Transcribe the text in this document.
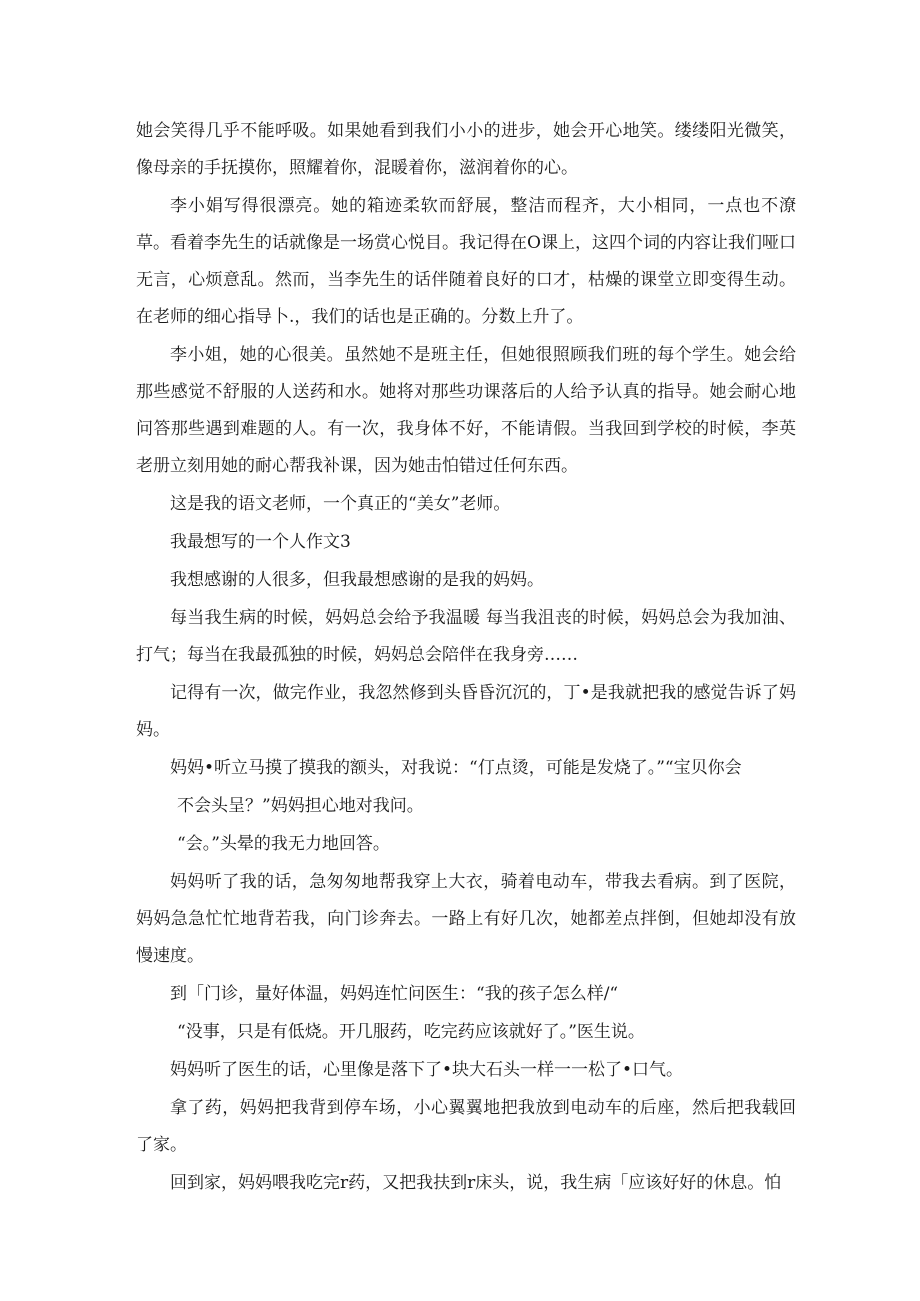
她会笑得几乎不能呼吸。如果她看到我们小小的进步，她会开心地笑。缕缕阳光微笑，像母亲的手抚摸你，照耀着你，混暖着你，滋润着你的心。

李小娟写得很漂亮。她的箱迹柔软而舒展，整洁而程齐，大小相同，一点也不潦草。看着李先生的话就像是一场赏心悦目。我记得在O课上，这四个词的内容让我们哑口无言，心烦意乱。然而，当李先生的话伴随着良好的口才，枯燥的课堂立即变得生动。在老师的细心指导卜.，我们的话也是正确的。分数上升了。

李小姐，她的心很美。虽然她不是班主任，但她很照顾我们班的每个学生。她会给那些感觉不舒服的人送药和水。她将对那些功课落后的人给予认真的指导。她会耐心地问答那些遇到难题的人。有一次，我身体不好，不能请假。当我回到学校的时候，李英老册立刻用她的耐心帮我补课，因为她击怕错过任何东西。

这是我的语文老师，一个真正的“美女”老师。

我最想写的一个人作文3

我想感谢的人很多，但我最想感谢的是我的妈妈。

每当我生病的时候，妈妈总会给予我温暖 每当我沮丧的时候，妈妈总会为我加油、打气；每当在我最孤独的时候，妈妈总会陪伴在我身旁……

记得有一次，做完作业，我忽然修到头昏昏沉沉的，丁•是我就把我的感觉告诉了妈妈。

妈妈•听立马摸了摸我的额头，对我说：“仃点烫，可能是发烧了。”“宝贝你会

不会头呈？”妈妈担心地对我问。

“会。”头晕的我无力地回答。

妈妈听了我的话，急匆匆地帮我穿上大衣，骑着电动车，带我去看病。到了医院，妈妈急急忙忙地背若我，向门诊奔去。一路上有好几次，她都差点拌倒，但她却没有放慢速度。

到「门诊，量好体温，妈妈连忙问医生：“我的孩子怎么样/“

“没事，只是有低烧。开几服药，吃完药应该就好了。”医生说。

妈妈听了医生的话，心里像是落下了•块大石头一样一一松了•口气。

拿了药，妈妈把我背到停车场，小心翼翼地把我放到电动车的后座，然后把我载回了家。

回到家，妈妈喂我吃完r药，又把我扶到r床头，说，我生病「应该好好的休息。怕
